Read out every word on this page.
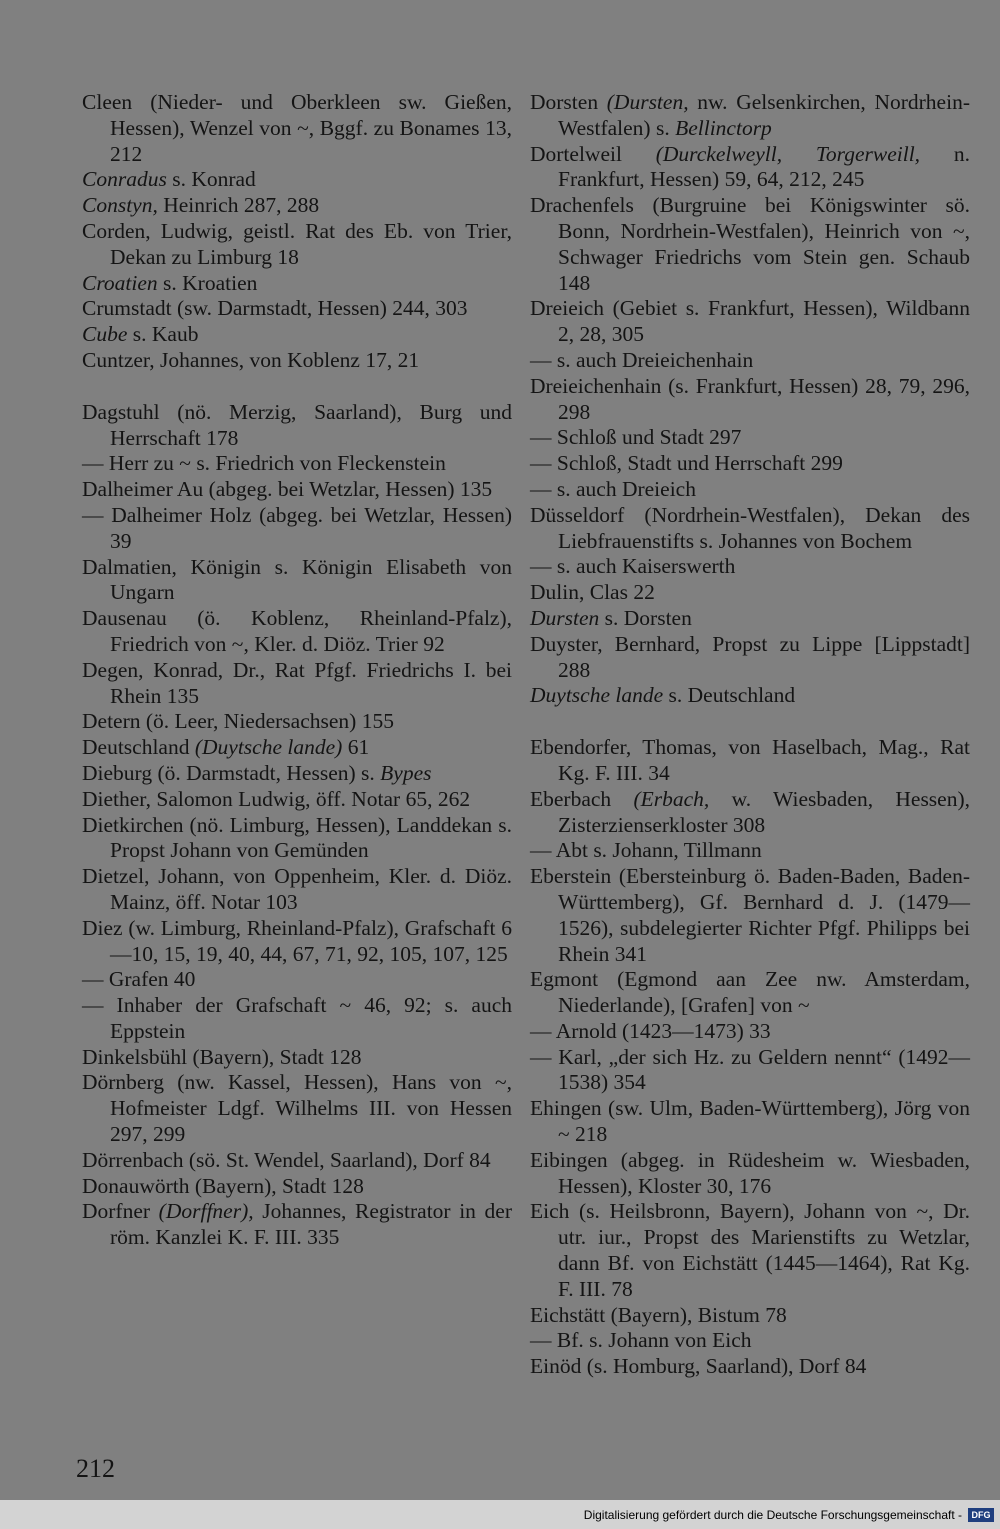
Cleen (Nieder- und Oberkleen sw. Gießen, Hessen), Wenzel von ~, Bggf. zu Bonames 13, 212

Conradus s. Konrad

Constyn, Heinrich 287, 288

Corden, Ludwig, geistl. Rat des Eb. von Trier, Dekan zu Limburg 18

Croatien s. Kroatien

Crumstadt (sw. Darmstadt, Hessen) 244, 303

Cube s. Kaub

Cuntzer, Johannes, von Koblenz 17, 21

Dagstuhl (nö. Merzig, Saarland), Burg und Herrschaft 178

— Herr zu ~ s. Friedrich von Fleckenstein

Dalheimer Au (abgeg. bei Wetzlar, Hessen) 135

— Dalheimer Holz (abgeg. bei Wetzlar, Hessen) 39

Dalmatien, Königin s. Königin Elisabeth von Ungarn

Dausenau (ö. Koblenz, Rheinland-Pfalz), Friedrich von ~, Kler. d. Diöz. Trier 92

Degen, Konrad, Dr., Rat Pfgf. Friedrichs I. bei Rhein 135

Detern (ö. Leer, Niedersachsen) 155

Deutschland (Duytsche lande) 61

Dieburg (ö. Darmstadt, Hessen) s. Bypes

Diether, Salomon Ludwig, öff. Notar 65, 262

Dietkirchen (nö. Limburg, Hessen), Landdekan s. Propst Johann von Gemünden

Dietzel, Johann, von Oppenheim, Kler. d. Diöz. Mainz, öff. Notar 103

Diez (w. Limburg, Rheinland-Pfalz), Grafschaft 6—10, 15, 19, 40, 44, 67, 71, 92, 105, 107, 125

— Grafen 40

— Inhaber der Grafschaft ~ 46, 92; s. auch Eppstein

Dinkelsbühl (Bayern), Stadt 128

Dörnberg (nw. Kassel, Hessen), Hans von ~, Hofmeister Ldgf. Wilhelms III. von Hessen 297, 299

Dörrenbach (sö. St. Wendel, Saarland), Dorf 84

Donauwörth (Bayern), Stadt 128

Dorfner (Dorffner), Johannes, Registrator in der röm. Kanzlei K. F. III. 335

Dorsten (Dursten, nw. Gelsenkirchen, Nordrhein-Westfalen) s. Bellinctorp

Dortelweil (Durckelweyll, Torgerweill, n. Frankfurt, Hessen) 59, 64, 212, 245

Drachenfels (Burgruine bei Königswinter sö. Bonn, Nordrhein-Westfalen), Heinrich von ~, Schwager Friedrichs vom Stein gen. Schaub 148

Dreieich (Gebiet s. Frankfurt, Hessen), Wildbann 2, 28, 305

— s. auch Dreieichenhain

Dreieichenhain (s. Frankfurt, Hessen) 28, 79, 296, 298

— Schloß und Stadt 297

— Schloß, Stadt und Herrschaft 299

— s. auch Dreieich

Düsseldorf (Nordrhein-Westfalen), Dekan des Liebfrauenstifts s. Johannes von Bochem

— s. auch Kaiserswerth

Dulin, Clas 22

Dursten s. Dorsten

Duyster, Bernhard, Propst zu Lippe [Lippstadt] 288

Duytsche lande s. Deutschland

Ebendorfer, Thomas, von Haselbach, Mag., Rat Kg. F. III. 34

Eberbach (Erbach, w. Wiesbaden, Hessen), Zisterzienserkloster 308

— Abt s. Johann, Tillmann

Eberstein (Ebersteinburg ö. Baden-Baden, Baden-Württemberg), Gf. Bernhard d. J. (1479—1526), subdelegierter Richter Pfgf. Philipps bei Rhein 341

Egmont (Egmond aan Zee nw. Amsterdam, Niederlande), [Grafen] von ~

— Arnold (1423—1473) 33

— Karl, „der sich Hz. zu Geldern nennt“ (1492—1538) 354

Ehingen (sw. Ulm, Baden-Württemberg), Jörg von ~ 218

Eibingen (abgeg. in Rüdesheim w. Wiesbaden, Hessen), Kloster 30, 176

Eich (s. Heilsbronn, Bayern), Johann von ~, Dr. utr. iur., Propst des Marienstifts zu Wetzlar, dann Bf. von Eichstätt (1445—1464), Rat Kg. F. III. 78

Eichstätt (Bayern), Bistum 78

— Bf. s. Johann von Eich

Einöd (s. Homburg, Saarland), Dorf 84

212
Digitalisierung gefördert durch die Deutsche Forschungsgemeinschaft -	DFG
